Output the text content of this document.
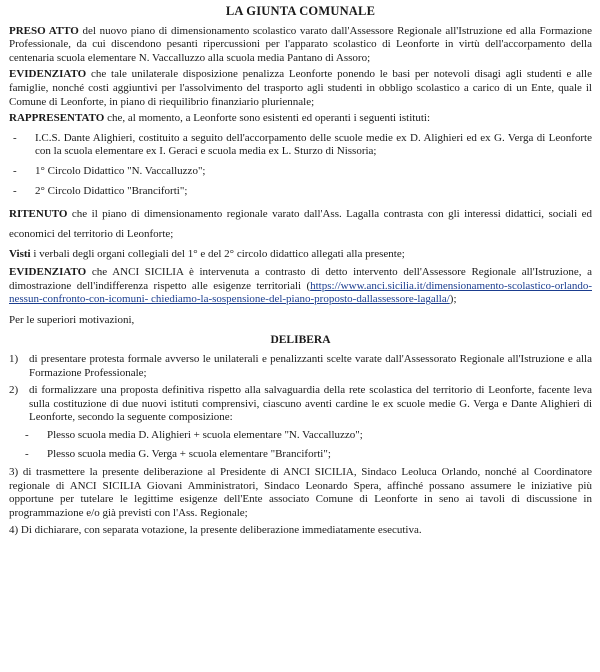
LA GIUNTA COMUNALE

PRESO ATTO del nuovo piano di dimensionamento scolastico varato dall'Assessore Regionale all'Istruzione ed alla Formazione Professionale, da cui discendono pesanti ripercussioni per l'apparato scolastico di Leonforte in virtù dell'accorpamento della centenaria scuola elementare N. Vaccalluzzo alla scuola media Pantano di Assoro;

EVIDENZIATO che tale unilaterale disposizione penalizza Leonforte ponendo le basi per notevoli disagi agli studenti e alle famiglie, nonché costi aggiuntivi per l'assolvimento del trasporto agli studenti in obbligo scolastico a carico di un Ente, quale il Comune di Leonforte, in piano di riequilibrio finanziario pluriennale;

RAPPRESENTATO che, al momento, a Leonforte sono esistenti ed operanti i seguenti istituti:

-	I.C.S. Dante Alighieri, costituito a seguito dell'accorpamento delle scuole medie ex D. Alighieri ed ex G. Verga di Leonforte con la scuola elementare ex I. Geraci e scuola media ex L. Sturzo di Nissoria;
-	1° Circolo Didattico "N. Vaccalluzzo";
-	2° Circolo Didattico "Branciforti";

RITENUTO che il piano di dimensionamento regionale varato dall'Ass. Lagalla contrasta con gli interessi didattici, sociali ed economici del territorio di Leonforte;

Visti i verbali degli organi collegiali del 1° e del 2° circolo didattico allegati alla presente;

EVIDENZIATO che ANCI SICILIA è intervenuta a contrasto di detto intervento dell'Assessore Regionale all'Istruzione, a dimostrazione dell'indifferenza rispetto alle esigenze territoriali (https://www.anci.sicilia.it/dimensionamento-scolastico-orlando-nessun-confronto-con-icomuni- chiediamo-la-sospensione-del-piano-proposto-dallassessore-lagalla/);

Per le superiori motivazioni,

DELIBERA
1) di presentare protesta formale avverso le unilaterali e penalizzanti scelte varate dall'Assessorato Regionale all'Istruzione e alla Formazione Professionale;
2) di formalizzare una proposta definitiva rispetto alla salvaguardia della rete scolastica del territorio di Leonforte, facente leva sulla costituzione di due nuovi istituti comprensivi, ciascuno aventi cardine le ex scuole medie G. Verga e Dante Alighieri di Leonforte, secondo la seguente composizione:
-	Plesso scuola media D. Alighieri + scuola elementare "N. Vaccalluzzo";
-	Plesso scuola media G. Verga + scuola elementare "Branciforti";

3) di trasmettere la presente deliberazione al Presidente di ANCI SICILIA, Sindaco Leoluca Orlando, nonché al Coordinatore regionale di ANCI SICILIA Giovani Amministratori, Sindaco Leonardo Spera, affinché possano assumere le iniziative più opportune per tutelare le legittime esigenze dell'Ente associato Comune di Leonforte in seno ai tavoli di discussione in programmazione e/o già previsti con l'Ass. Regionale;

4) Di dichiarare, con separata votazione, la presente deliberazione immediatamente esecutiva.
